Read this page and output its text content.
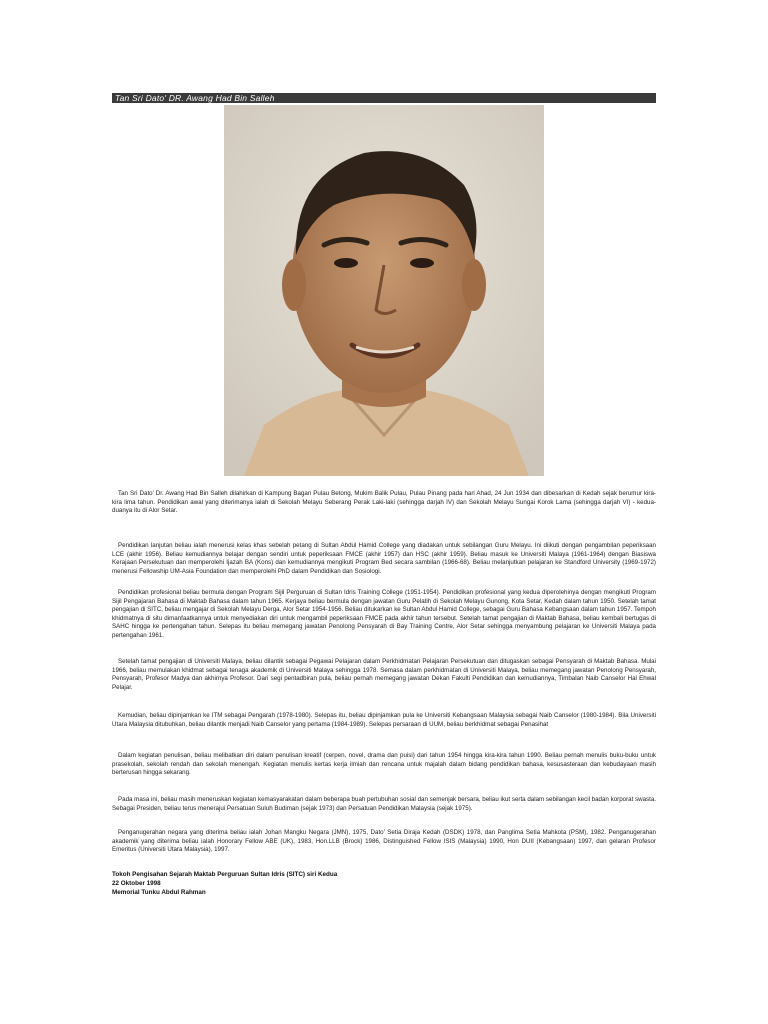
Tan Sri Dato' DR. Awang Had Bin Salleh

Tan Sri Dato' Dr. Awang Had Bin Salleh dilahirkan di Kampung Bagan Pulau Betong, Mukim Balik Pulau, Pulau Pinang pada hari Ahad, 24 Jun 1934 dan dibesarkan di Kedah sejak berumur kira-kira lima tahun. Pendidikan awal yang diterimanya ialah di Sekolah Melayu Seberang Perak Laki-laki (sehingga darjah IV) dan Sekolah Melayu Sungai Korok Lama (sehingga darjah VI) - kedua-duanya itu di Alor Setar.

Pendidikan lanjutan beliau ialah menerusi kelas khas sebelah petang di Sultan Abdul Hamid College yang diadakan untuk sebilangan Guru Melayu. Ini diikuti dengan pengambilan peperiksaan LCE (akhir 1956). Beliau kemudiannya belajar dengan sendiri untuk peperiksaan FMCE (akhir 1957) dan HSC (akhir 1959). Beliau masuk ke Universiti Malaya (1961-1964) dengan Biasiswa Kerajaan Persekutuan dan memperolehi Ijazah BA (Kons) dan kemudiannya mengikuti Program Bed secara sambilan (1966-68). Beliau melanjutkan pelajaran ke Standford University (1969-1972) menerusi Fellowship UM-Asia Foundation dan memperolehi PhD dalam Pendidikan dan Sosiologi.

Pendidikan profesional beliau bermula dengan Program Sijil Perguruan di Sultan Idris Training College (1951-1954). Pendidikan profesional yang kedua diperolehinya dengan mengikuti Program Sijil Pengajaran Bahasa di Maktab Bahasa dalam tahun 1965. Kerjaya beliau bermula dengan jawatan Guru Pelatih di Sekolah Melayu Gunong, Kota Setar, Kedah dalam tahun 1950. Setelah tamat pengajian di SITC, beliau mengajar di Sekolah Melayu Derga, Alor Setar 1954-1956. Beliau ditukarkan ke Sultan Abdul Hamid College, sebagai Guru Bahasa Kebangsaan dalam tahun 1957. Tempoh khidmatnya di situ dimanfaatkannya untuk menyediakan diri untuk mengambil peperiksaan FMCE pada akhir tahun tersebut. Setelah tamat pengajian di Maktab Bahasa, beliau kembali bertugas di SAHC hingga ke pertengahan tahun. Selepas itu beliau memegang jawatan Penolong Pensyarah di Bay Training Centre, Alor Setar sehingga menyambung pelajaran ke Universiti Malaya pada pertengahan 1961.

Setelah tamat pengajian di Universiti Malaya, beliau dilantik sebagai Pegawai Pelajaran dalam Perkhidmatan Pelajaran Persekutuan dan ditugaskan sebagai Pensyarah di Maktab Bahasa. Mulai 1966, beliau memulakan khidmat sebagai tenaga akademik di Universiti Malaya sehingga 1978. Semasa dalam perkhidmatan di Universiti Malaya, beliau memegang jawatan Penolong Pensyarah, Pensyarah, Profesor Madya dan akhirnya Profesor. Dari segi pentadbiran pula, beliau pernah memegang jawatan Dekan Fakulti Pendidikan dan kemudiannya, Timbalan Naib Canselor Hal Ehwal Pelajar.

Kemudian, beliau dipinjamkan ke ITM sebagai Pengarah (1978-1980). Selepas itu, beliau dipinjamkan pula ke Universiti Kebangsaan Malaysia sebagai Naib Canselor (1980-1984). Bila Universiti Utara Malaysia ditubuhkan, beliau dilantik menjadi Naib Canselor yang pertama (1984-1989). Selepas persaraan di UUM, beliau berkhidmat sebagai Penasihat

Dalam kegiatan penulisan, beliau melibatkan diri dalam penulisan kreatif (cerpen, novel, drama dan puisi) dari tahun 1954 hingga kira-kira tahun 1990. Beliau pernah menulis buku-buku untuk prasekolah, sekolah rendah dan sekolah menengah. Kegiatan menulis kertas kerja ilmiah dan rencana untuk majalah dalam bidang pendidikan bahasa, kesusasteraan dan kebudayaan masih berterusan hingga sekarang.

Pada masa ini, beliau masih meneruskan kegiatan kemasyarakatan dalam beberapa buah pertubuhan sosial dan semenjak bersara, beliau ikut serta dalam sebilangan kecil badan korporat swasta. Sebagai Presiden, beliau terus menerajui Persatuan Suluh Budiman (sejak 1973) dan Persatuan Pendidikan Malaysia (sejak 1975).

Penganugerahan negara yang diterima beliau ialah Johan Mangku Negara (JMN), 1975, Dato' Setia Diraja Kedah (DSDK) 1978, dan Panglima Setia Mahkota (PSM), 1982. Penganugerahan akademik yang diterima beliau ialah Honorary Fellow ABE (UK), 1983, Hon.LLB (Brock) 1986, Distinguished Fellow ISIS (Malaysia) 1990, Hon DUII (Kebangsaan) 1997, dan gelaran Profesor Emeritus (Universiti Utara Malaysia), 1997.

Tokoh Pengisahan Sejarah Maktab Perguruan Sultan Idris (SITC) siri Kedua
22 Oktober 1998
Memorial Tunku Abdul Rahman
